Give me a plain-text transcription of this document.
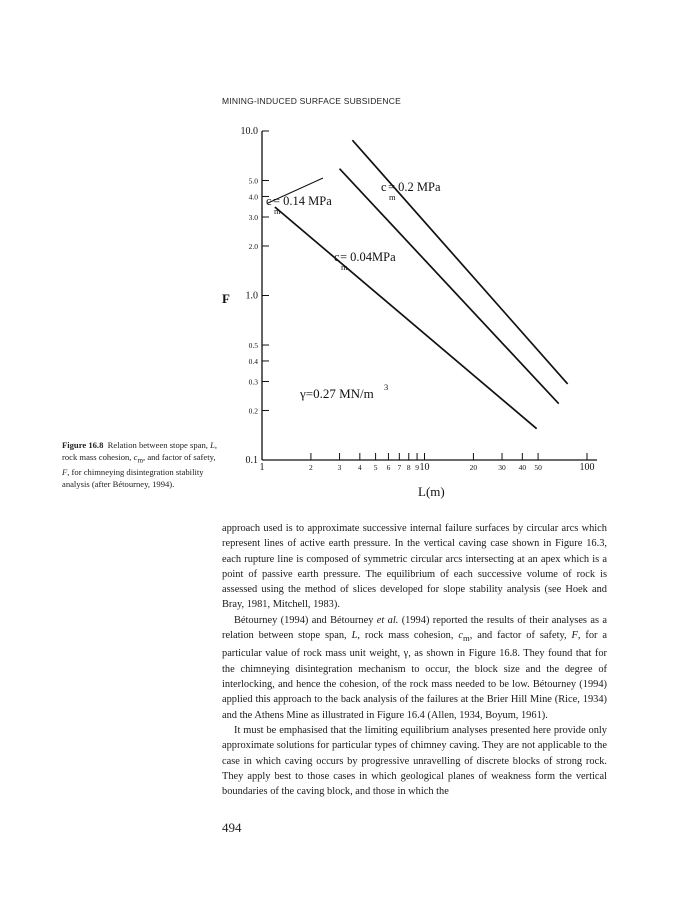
MINING-INDUCED SURFACE SUBSIDENCE
0.1
0.2
0.3
0.4
0.5
1.0
2.0
3.0
4.0
5.0
10.0
1	2	3 4 5 6 7 8 9 10	20	30 40 50	100
F
L(m)
c
m
= 0.14 MPa
c
m
= 0.2 MPa
c
m
= 0.04MPa
γ=0.27 MN/m 3
Figure 16.8 Relation between stope span, L, rock mass cohesion, $c_m$, and factor of safety, F, for chimneying disintegration stability analysis (after Bétourney, 1994).

approach used is to approximate successive internal failure surfaces by circular arcs which represent lines of active earth pressure. In the vertical caving case shown in Figure 16.3, each rupture line is composed of symmetric circular arcs intersecting at an apex which is a point of passive earth pressure. The equilibrium of each successive volume of rock is assessed using the method of slices developed for slope stability analysis (see Hoek and Bray, 1981, Mitchell, 1983).

Bétourney (1994) and Bétourney et al. (1994) reported the results of their analyses as a relation between stope span, L, rock mass cohesion, $c_m$, and factor of safety, F, for a particular value of rock mass unit weight, γ, as shown in Figure 16.8. They found that for the chimneying disintegration mechanism to occur, the block size and the degree of interlocking, and hence the cohesion, of the rock mass needed to be low. Bétourney (1994) applied this approach to the back analysis of the failures at the Brier Hill Mine (Rice, 1934) and the Athens Mine as illustrated in Figure 16.4 (Allen, 1934, Boyum, 1961).

It must be emphasised that the limiting equilibrium analyses presented here provide only approximate solutions for particular types of chimney caving. They are not applicable to the case in which caving occurs by progressive unravelling of discrete blocks of strong rock. They apply best to those cases in which geological planes of weakness form the vertical boundaries of the caving block, and those in which the

494
